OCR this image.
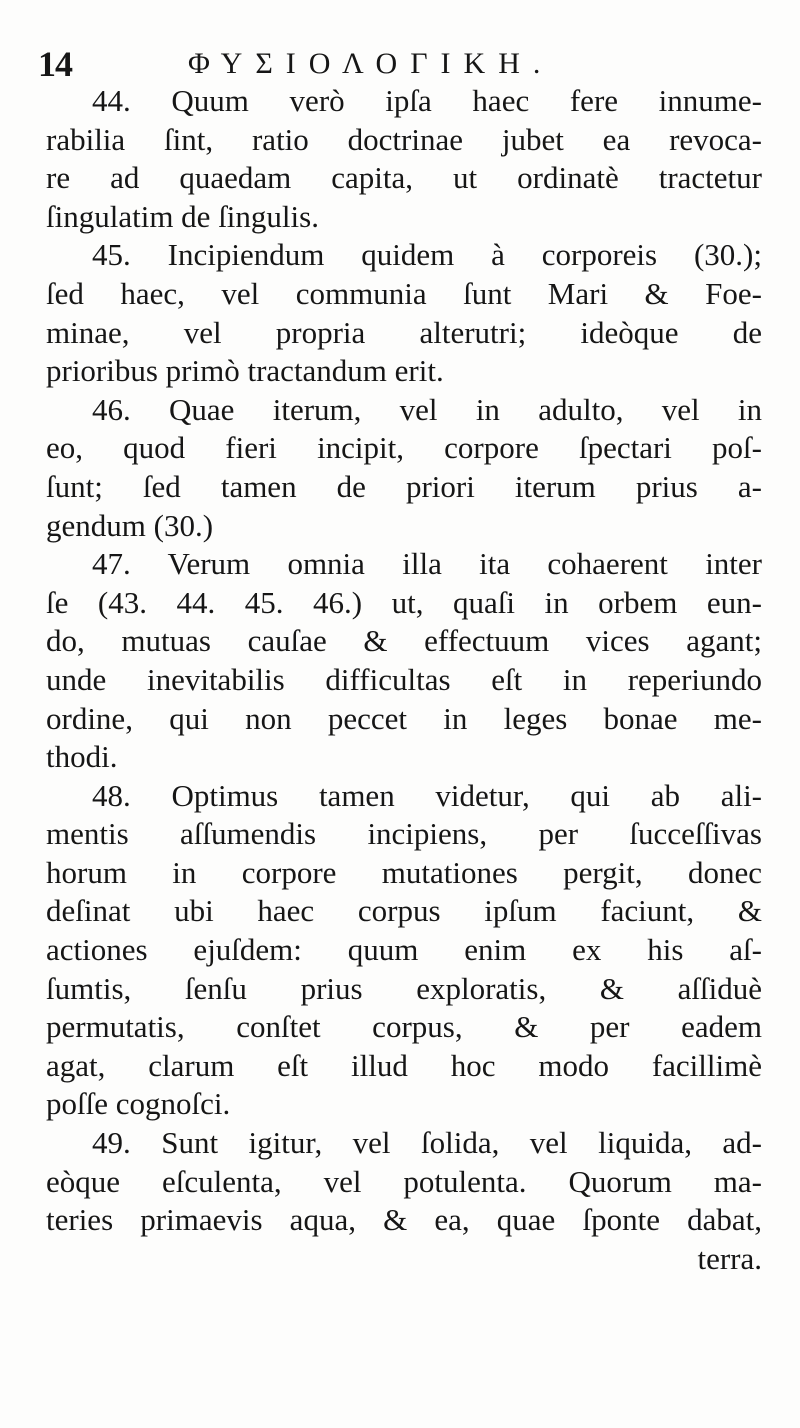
14	ΦΥΣΙΟΛΟΓΙΚΗ.
44. Quum verò ipſa haec fere innume-
rabilia ſint, ratio doctrinae jubet ea revoca-
re ad quaedam capita, ut ordinatè tractetur
ſingulatim de ſingulis.
45. Incipiendum quidem à corporeis (30.);
ſed haec, vel communia ſunt Mari & Foe-
minae, vel propria alterutri; ideòque de
prioribus primò tractandum erit.
46. Quae iterum, vel in adulto, vel in
eo, quod fieri incipit, corpore ſpectari poſ-
ſunt; ſed tamen de priori iterum prius a-
gendum (30.)
47. Verum omnia illa ita cohaerent inter
ſe (43. 44. 45. 46.) ut, quaſi in orbem eun-
do, mutuas cauſae & effectuum vices agant;
unde inevitabilis difficultas eſt in reperiundo
ordine, qui non peccet in leges bonae me-
thodi.
48. Optimus tamen videtur, qui ab ali-
mentis aſſumendis incipiens, per ſucceſſivas
horum in corpore mutationes pergit, donec
deſinat ubi haec corpus ipſum faciunt, &
actiones ejuſdem: quum enim ex his aſ-
ſumtis, ſenſu prius exploratis, & aſſiduè
permutatis, conſtet corpus, & per eadem
agat, clarum eſt illud hoc modo facillimè
poſſe cognoſci.
49. Sunt igitur, vel ſolida, vel liquida, ad-
eòque eſculenta, vel potulenta. Quorum ma-
teries primaevis aqua, & ea, quae ſponte dabat,
terra.
